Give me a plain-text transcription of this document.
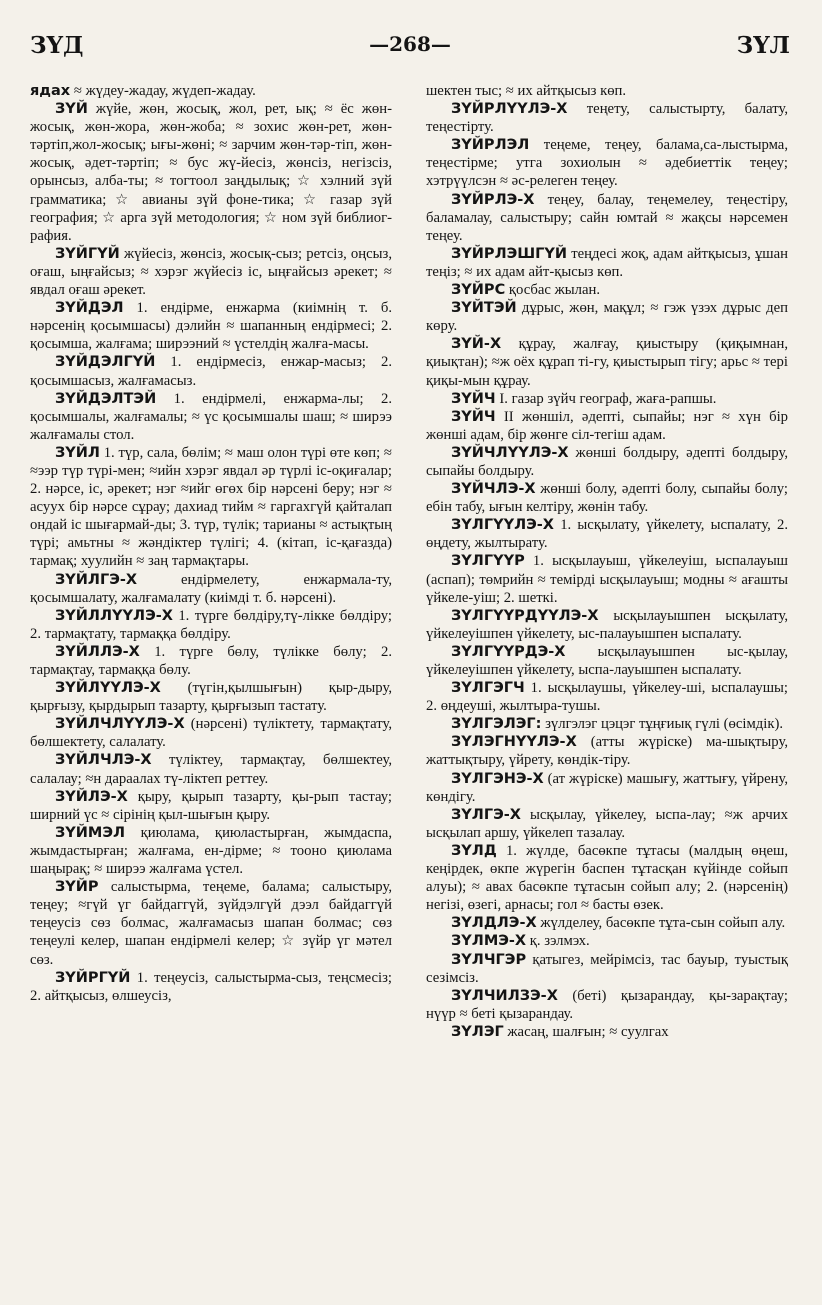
ЗҮД	—268—	ЗҮЛ

ядах ≈ жүдеу-жадау, жүдеп-жадау.

ЗҮЙ жүйе, жөн, жосық, жол, рет, ық; ≈ ёс жөн-жосық, жөн-жора, жөн-жоба; ≈ зохис жөн-рет, жөн-тәртіп,жол-жосық; ығы-жөні; ≈ зарчим жөн-тәр-тіп, жөн-жосық, әдет-тәртіп; ≈ бус жү-йесіз, жөнсіз, негізсіз, орынсыз, алба-ты; ≈ тогтоол заңдылық; ☆ хэлний зүй грамматика; ☆ авианы зүй фоне-тика; ☆ газар зүй география; ☆ арга зүй методология; ☆ ном зүй библиог-рафия.

ЗҮЙГҮЙ жүйесіз, жөнсіз, жосық-сыз; ретсіз, оңсыз, оғаш, ыңғайсыз; ≈ хэрэг жүйесіз іс, ыңғайсыз әрекет; ≈ явдал оғаш әрекет.

ЗҮЙДЭЛ 1. ендірме, енжарма (киімнің т. б. нәрсенің қосымшасы) дэлийн ≈ шапанның ендірмесі; 2. қосымша, жалғама; ширээний ≈ үстелдің жалға-масы.

ЗҮЙДЭЛГҮЙ 1. ендірмесіз, енжар-масыз; 2. қосымшасыз, жалғамасыз.

ЗҮЙДЭЛТЭЙ 1. ендірмелі, енжарма-лы; 2. қосымшалы, жалғамалы; ≈ үс қосымшалы шаш; ≈ ширээ жалғамалы стол.

ЗҮЙЛ 1. түр, сала, бөлім; ≈ маш олон түрі өте көп; ≈ ≈ээр түр түрі-мен; ≈ийн хэрэг явдал әр түрлі іс-оқиғалар; 2. нәрсе, іс, әрекет; нэг ≈ийг өгөх бір нәрсені беру; нэг ≈ асуух бір нәрсе сұрау; дахиад тийм ≈ гаргахгүй қайталап ондай іс шығармай-ды; 3. түр, түлік; тарианы ≈ астықтың түрі; амьтны ≈ жәндіктер түлігі; 4. (кітап, іс-қағазда) тармақ; хуулийн ≈ заң тармақтары.

ЗҮЙЛГЭ-Х ендірмелету, енжармала-ту, қосымшалату, жалғамалату (киімді т. б. нәрсені).

ЗҮЙЛЛҮҮЛЭ-Х 1. түрге бөлдіру,тү-лікке бөлдіру; 2. тармақтату, тармаққа бөлдіру.

ЗҮЙЛЛЭ-Х 1. түрге бөлу, түлікке бөлу; 2. тармақтау, тармаққа бөлу.

ЗҮЙЛҮҮЛЭ-Х (түгін,қылшығын) қыр-дыру, қырғызу, қырдырып тазарту, қырғызып тастату.

ЗҮЙЛЧЛҮҮЛЭ-Х (нәрсені) түліктету, тармақтату, бөлшектету, салалату.

ЗҮЙЛЧЛЭ-Х түліктеу, тармақтау, бөлшектеу, салалау; ≈н дараалах тү-ліктеп реттеу.

ЗҮЙЛЭ-Х қыру, қырып тазарту, қы-рып тастау; ширний үс ≈ сірінің қыл-шығын қыру.

ЗҮЙМЭЛ қиюлама, қиюластырған, жымдаспа, жымдастырған; жалғама, ен-дірме; ≈ тооно қиюлама шаңырақ; ≈ ширээ жалғама үстел.

ЗҮЙР салыстырма, теңеме, балама; салыстыру, теңеу; ≈гүй үг байдаггүй, зүйдэлгүй дээл байдаггүй теңеусіз сөз болмас, жалғамасыз шапан болмас; сөз теңеулі келер, шапан ендірмелі келер; ☆ зүйр үг мәтел сөз.

ЗҮЙРГҮЙ 1. теңеусіз, салыстырма-сыз, теңсмесіз; 2. айтқысыз, өлшеусіз,

шектен тыс; ≈ их айтқысыз көп.

ЗҮЙРЛҮҮЛЭ-Х теңету, салыстырту, балату, теңестірту.

ЗҮЙРЛЭЛ теңеме, теңеу, балама,са-лыстырма, теңестірме; утга зохиолын ≈ әдебиеттік теңеу; хэтрүүлсэн ≈ әс-релеген теңеу.

ЗҮЙРЛЭ-Х теңеу, балау, теңемелеу, теңестіру, баламалау, салыстыру; сайн юмтай ≈ жақсы нәрсемен теңеу.

ЗҮЙРЛЭШГҮЙ теңдесі жоқ, адам айтқысыз, ұшан теңіз; ≈ их адам айт-қысыз көп.

ЗҮЙРС қосбас жылан.

ЗҮЙТЭЙ дұрыс, жөн, мақұл; ≈ гэж үзэх дұрыс деп көру.

ЗҮЙ-Х құрау, жалғау, қиыстыру (қиқымнан, қиықтан); ≈ж оёх құрап ті-гу, қиыстырып тігу; арьс ≈ тері қиқы-мын құрау.

ЗҮЙЧ I. газар зүйч географ, жаға-рапшы.

ЗҮЙЧ II жөншіл, әдепті, сыпайы; нэг ≈ хүн бір жөнші адам, бір жөнге сіл-тегіш адам.

ЗҮЙЧЛҮҮЛЭ-Х жөнші болдыру, әдепті болдыру, сыпайы болдыру.

ЗҮЙЧЛЭ-Х жөнші болу, әдепті болу, сыпайы болу; ебін табу, ығын келтіру, жөнін табу.

ЗҮЛГҮҮЛЭ-Х 1. ысқылату, үйкелету, ыспалату, 2. өңдету, жылтырату.

ЗҮЛГҮҮР 1. ысқылауыш, үйкелеуіш, ыспалауыш (аспап); төмрийн ≈ темірді ысқылауыш; модны ≈ ағашты үйкеле-уіш; 2. шеткі.

ЗҮЛГҮҮРДҮҮЛЭ-Х ысқылауышпен ысқылату, үйкелеуішпен үйкелету, ыс-палауышпен ыспалату.

ЗҮЛГҮҮРДЭ-Х ысқылауышпен ыс-қылау, үйкелеуішпен үйкелету, ыспа-лауышпен ыспалату.

ЗҮЛГЭГЧ 1. ысқылаушы, үйкелеу-ші, ыспалаушы; 2. өңдеуші, жылтыра-тушы.

ЗҮЛГЭЛЭГ: зүлгэлэг цэцэг тұңғиық гүлі (өсімдік).

ЗҮЛЭГНҮҮЛЭ-Х (атты жүріске) ма-шықтыру, жаттықтыру, үйрету, көндік-тіру.

ЗҮЛГЭНЭ-Х (ат жүріске) машығу, жаттығу, үйрену, көндігу.

ЗҮЛГЭ-Х ысқылау, үйкелеу, ыспа-лау; ≈ж арчих ысқылап аршу, үйкелеп тазалау.

ЗҮЛД 1. жүлде, басөкпе тұтасы (малдың өңеш, кеңірдек, өкпе жүрегін баспен тұтасқан күйінде сойып алуы); ≈ авах басөкпе тұтасын сойып алу; 2. (нәрсенің) негізі, өзегі, арнасы; гол ≈ басты өзек.

ЗҮЛДЛЭ-Х жүлделеу, басөкпе тұта-сын сойып алу.

ЗҮЛМЭ-Х қ. зэлмэх.

ЗҮЛЧГЭР қатыгез, мейрімсіз, тас бауыр, туыстық сезімсіз.

ЗҮЛЧИЛЗЭ-Х (беті) қызарандау, қы-зарақтау; нүүр ≈ беті қызарандау.

ЗҮЛЭГ жасаң, шалғын; ≈ суулгах
